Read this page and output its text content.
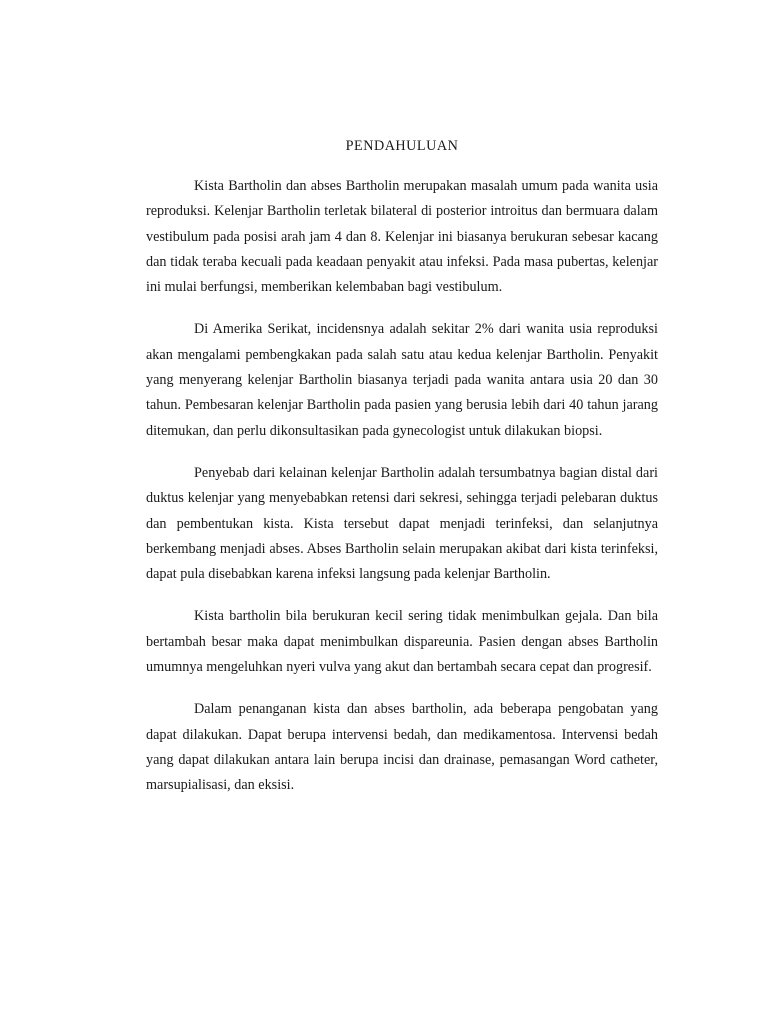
PENDAHULUAN

Kista Bartholin dan abses Bartholin merupakan masalah umum pada wanita usia reproduksi. Kelenjar Bartholin terletak bilateral di posterior introitus dan bermuara dalam vestibulum pada posisi arah jam 4 dan 8. Kelenjar ini biasanya berukuran sebesar kacang dan tidak teraba kecuali pada keadaan penyakit atau infeksi. Pada masa pubertas, kelenjar ini mulai berfungsi, memberikan kelembaban bagi vestibulum.

Di Amerika Serikat, incidensnya adalah sekitar 2% dari wanita usia reproduksi akan mengalami pembengkakan pada salah satu atau kedua kelenjar Bartholin. Penyakit yang menyerang kelenjar Bartholin biasanya terjadi pada wanita antara usia 20 dan 30 tahun. Pembesaran kelenjar Bartholin pada pasien yang berusia lebih dari 40 tahun jarang ditemukan, dan perlu dikonsultasikan pada gynecologist untuk dilakukan biopsi.

Penyebab dari kelainan kelenjar Bartholin adalah tersumbatnya bagian distal dari duktus kelenjar yang menyebabkan retensi dari sekresi, sehingga terjadi pelebaran duktus dan pembentukan kista. Kista tersebut dapat menjadi terinfeksi, dan selanjutnya berkembang menjadi abses. Abses Bartholin selain merupakan akibat dari kista terinfeksi, dapat pula disebabkan karena infeksi langsung pada kelenjar Bartholin.

Kista bartholin bila berukuran kecil sering tidak menimbulkan gejala. Dan bila bertambah besar maka dapat menimbulkan dispareunia. Pasien dengan abses Bartholin umumnya mengeluhkan nyeri vulva yang akut dan bertambah secara cepat dan progresif.

Dalam penanganan kista dan abses bartholin, ada beberapa pengobatan yang dapat dilakukan. Dapat berupa intervensi bedah, dan medikamentosa. Intervensi bedah yang dapat dilakukan antara lain berupa incisi dan drainase, pemasangan Word catheter, marsupialisasi, dan eksisi.
